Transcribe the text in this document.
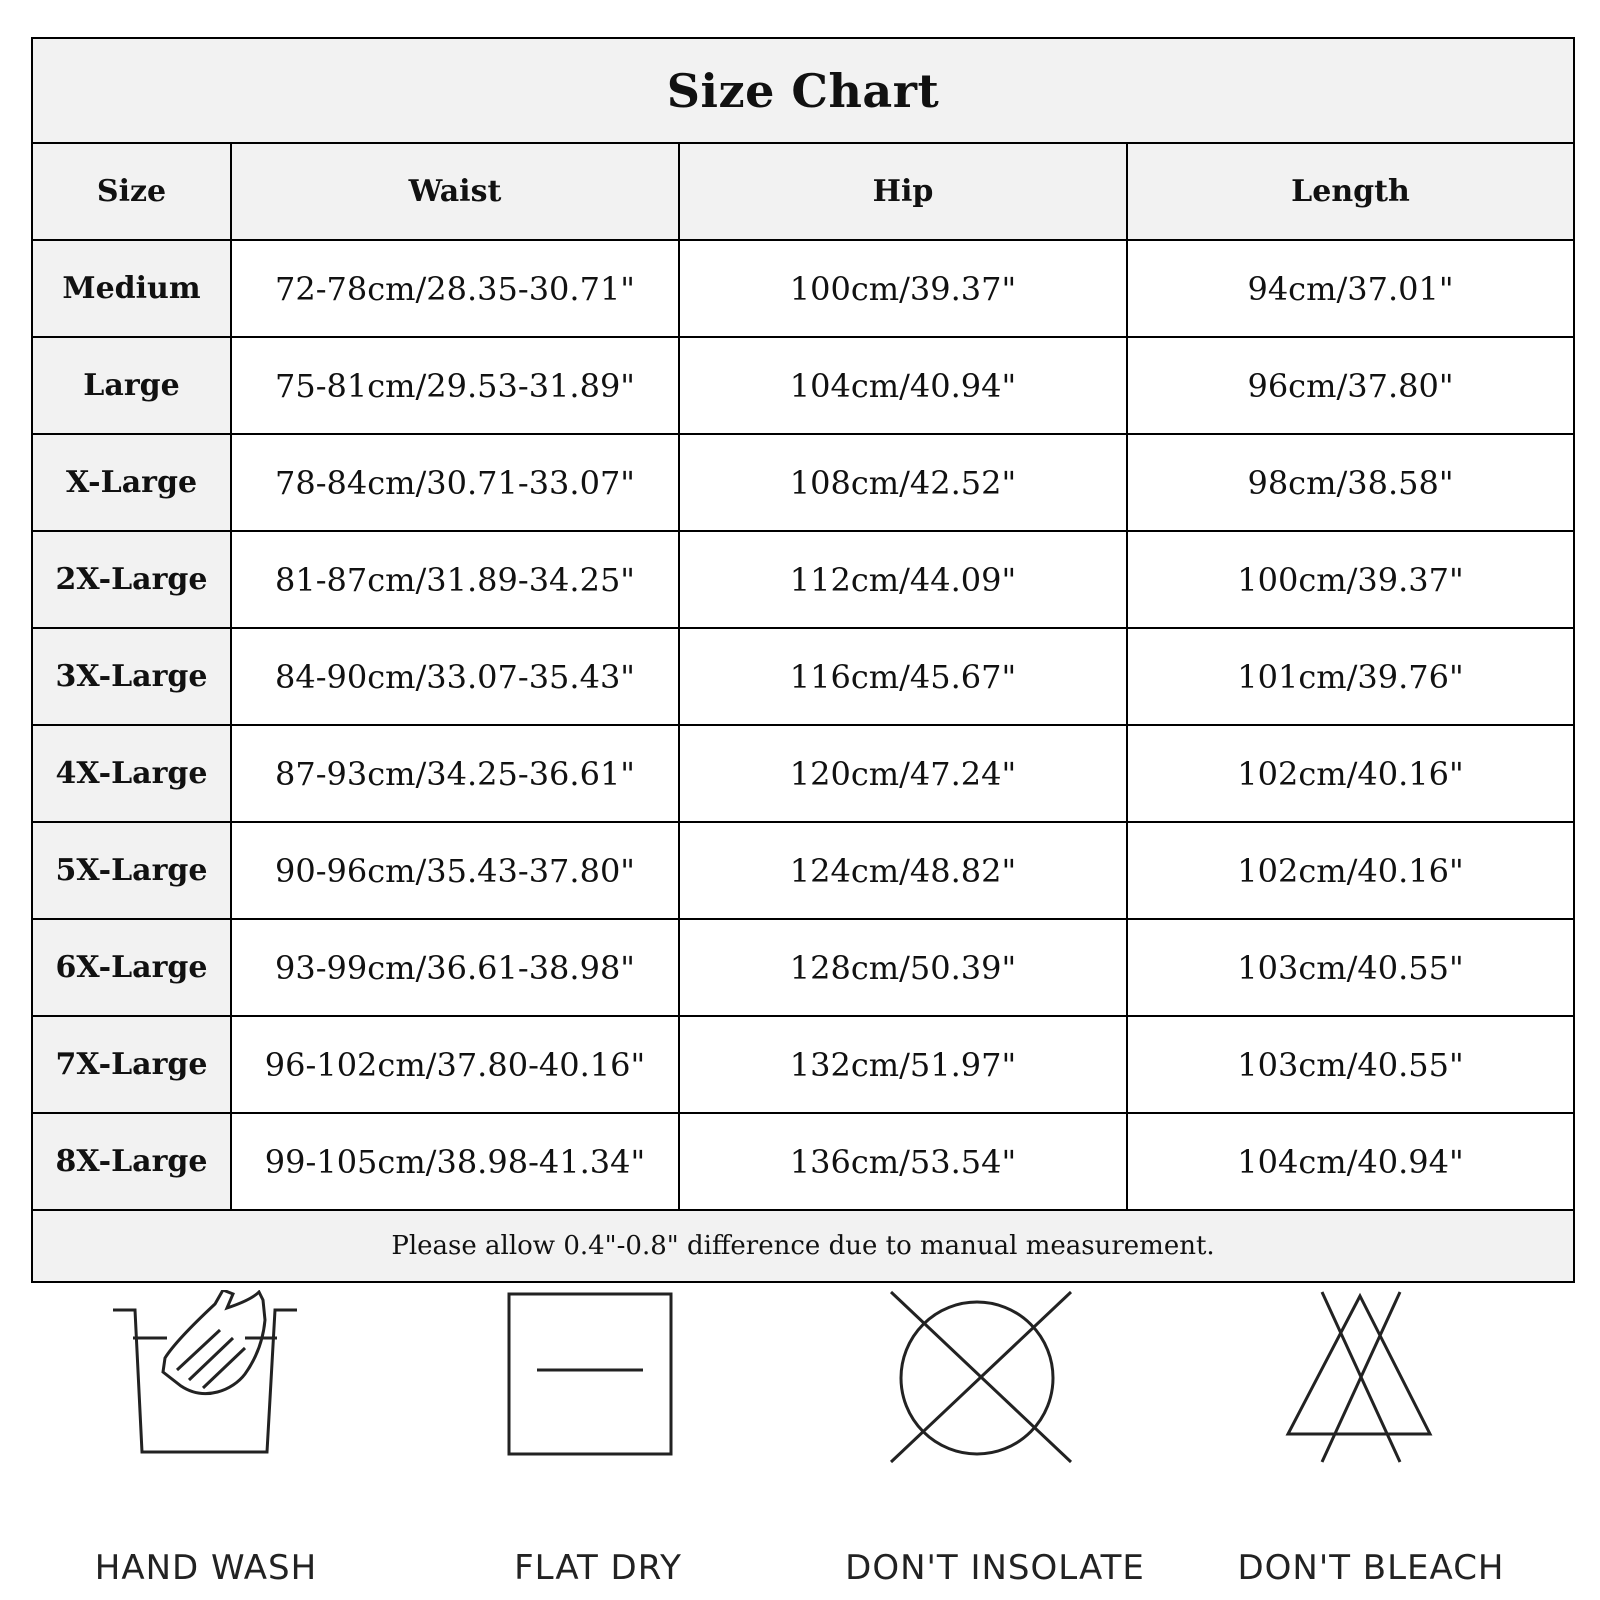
Size Chart
Size	Waist	Hip	Length
Medium	72-78cm/28.35-30.71"	100cm/39.37"	94cm/37.01"
Large	75-81cm/29.53-31.89"	104cm/40.94"	96cm/37.80"
X-Large	78-84cm/30.71-33.07"	108cm/42.52"	98cm/38.58"
2X-Large	81-87cm/31.89-34.25"	112cm/44.09"	100cm/39.37"
3X-Large	84-90cm/33.07-35.43"	116cm/45.67"	101cm/39.76"
4X-Large	87-93cm/34.25-36.61"	120cm/47.24"	102cm/40.16"
5X-Large	90-96cm/35.43-37.80"	124cm/48.82"	102cm/40.16"
6X-Large	93-99cm/36.61-38.98"	128cm/50.39"	103cm/40.55"
7X-Large	96-102cm/37.80-40.16"	132cm/51.97"	103cm/40.55"
8X-Large	99-105cm/38.98-41.34"	136cm/53.54"	104cm/40.94"
Please allow 0.4"-0.8" difference due to manual measurement.
HAND WASH	FLAT DRY	DON'T INSOLATE	DON'T BLEACH
